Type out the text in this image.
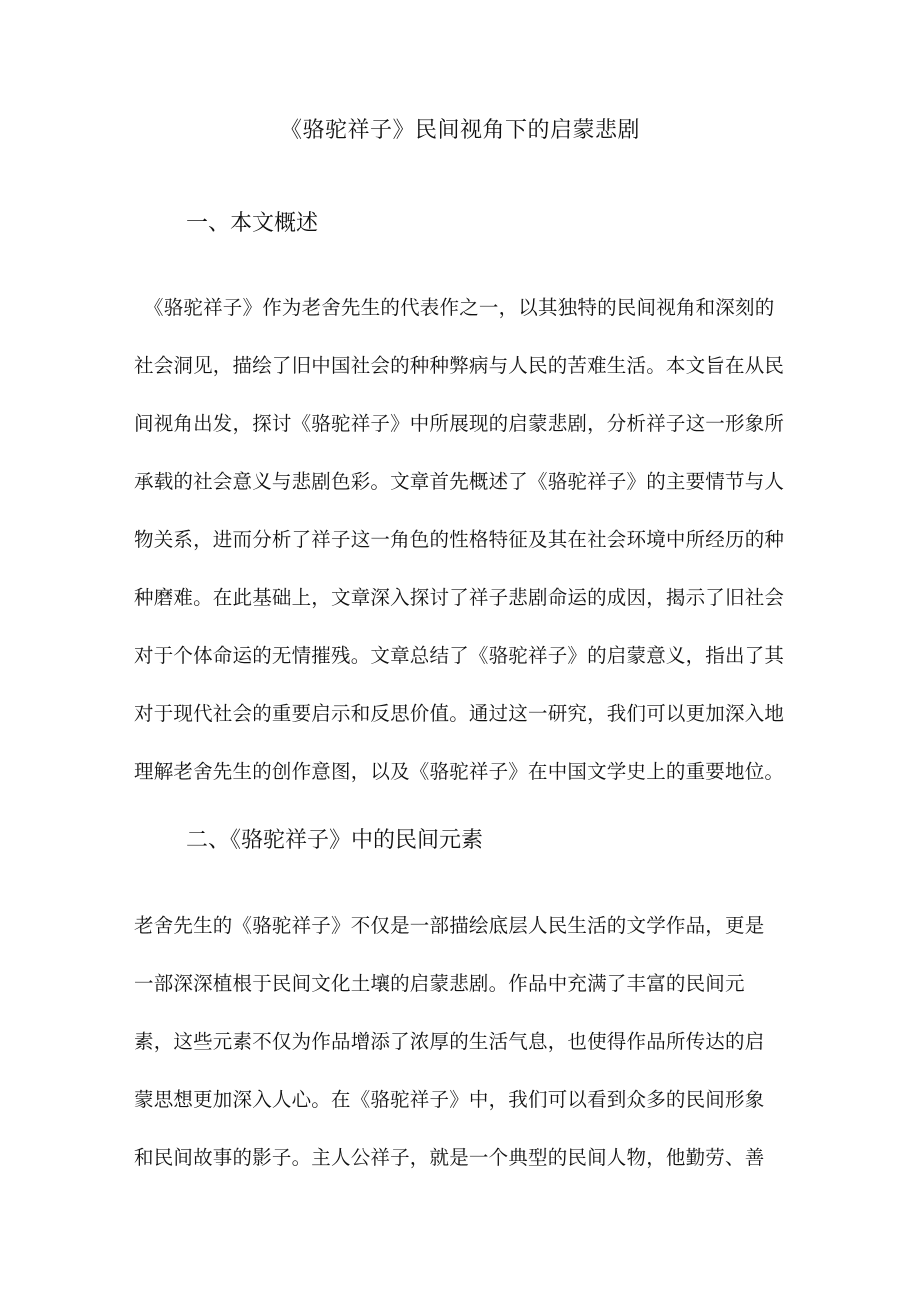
《骆驼祥子》民间视角下的启蒙悲剧
一、本文概述
《骆驼祥子》作为老舍先生的代表作之一，以其独特的民间视角和深刻的
社会洞见，描绘了旧中国社会的种种弊病与人民的苦难生活。本文旨在从民
间视角出发，探讨《骆驼祥子》中所展现的启蒙悲剧，分析祥子这一形象所
承载的社会意义与悲剧色彩。文章首先概述了《骆驼祥子》的主要情节与人
物关系，进而分析了祥子这一角色的性格特征及其在社会环境中所经历的种
种磨难。在此基础上，文章深入探讨了祥子悲剧命运的成因，揭示了旧社会
对于个体命运的无情摧残。文章总结了《骆驼祥子》的启蒙意义，指出了其
对于现代社会的重要启示和反思价值。通过这一研究，我们可以更加深入地
理解老舍先生的创作意图，以及《骆驼祥子》在中国文学史上的重要地位。
二、《骆驼祥子》中的民间元素
老舍先生的《骆驼祥子》不仅是一部描绘底层人民生活的文学作品，更是
一部深深植根于民间文化土壤的启蒙悲剧。作品中充满了丰富的民间元
素，这些元素不仅为作品增添了浓厚的生活气息，也使得作品所传达的启
蒙思想更加深入人心。在《骆驼祥子》中，我们可以看到众多的民间形象
和民间故事的影子。主人公祥子，就是一个典型的民间人物，他勤劳、善
